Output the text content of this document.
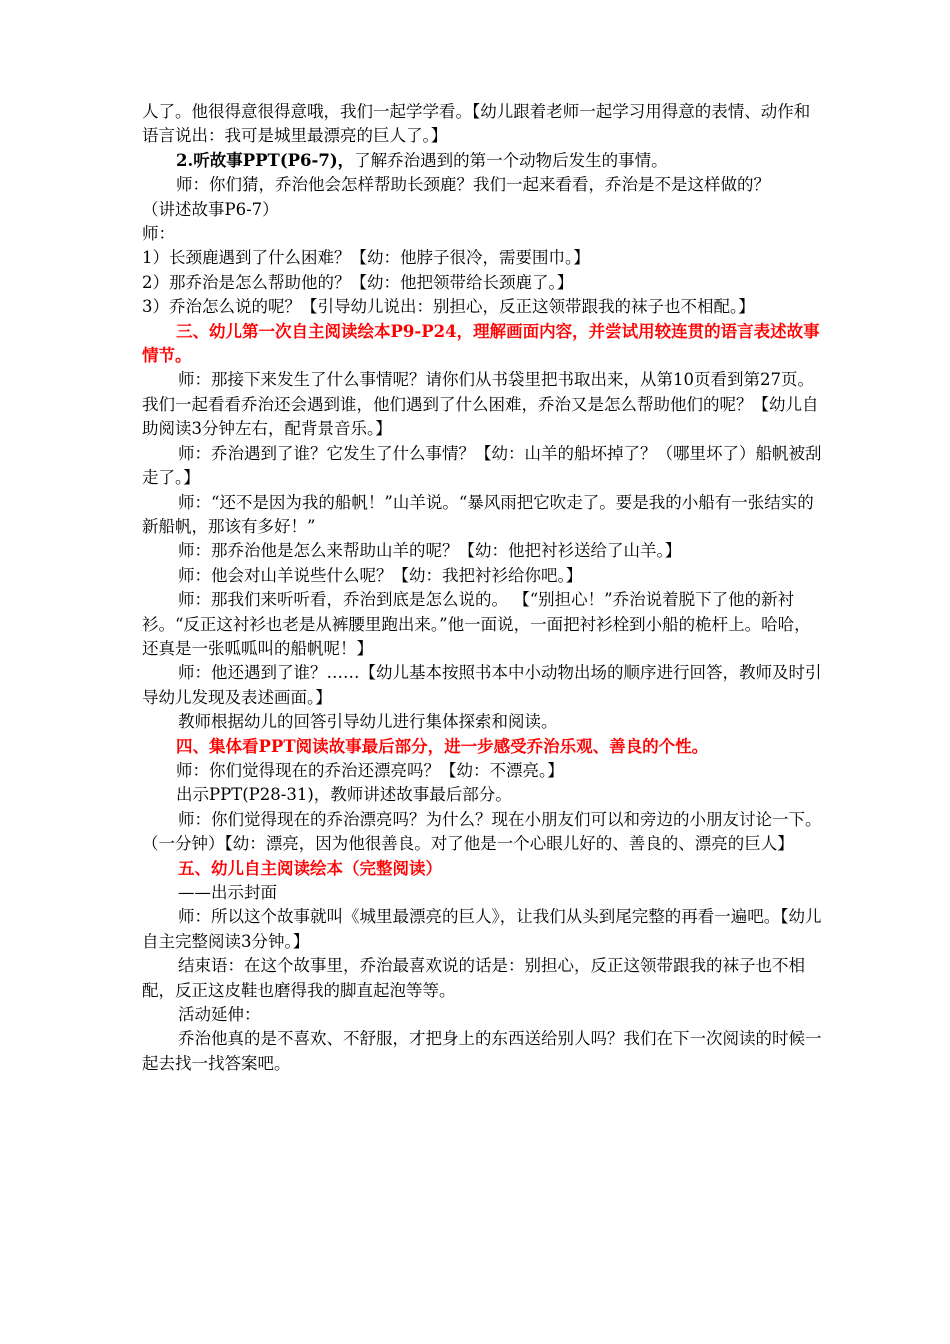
人了。他很得意很得意哦，我们一起学学看。【幼儿跟着老师一起学习用得意的表情、动作和语言说出：我可是城里最漂亮的巨人了。】

2.听故事PPT(P6-7)，了解乔治遇到的第一个动物后发生的事情。

师：你们猜，乔治他会怎样帮助长颈鹿？我们一起来看看，乔治是不是这样做的？

（讲述故事P6-7）

师：

1）长颈鹿遇到了什么困难？【幼：他脖子很冷，需要围巾。】

2）那乔治是怎么帮助他的？【幼：他把领带给长颈鹿了。】

3）乔治怎么说的呢？【引导幼儿说出：别担心，反正这领带跟我的袜子也不相配。】

三、幼儿第一次自主阅读绘本P9-P24，理解画面内容，并尝试用较连贯的语言表述故事情节。

师：那接下来发生了什么事情呢？请你们从书袋里把书取出来，从第10页看到第27页。我们一起看看乔治还会遇到谁，他们遇到了什么困难，乔治又是怎么帮助他们的呢？【幼儿自助阅读3分钟左右，配背景音乐。】

师：乔治遇到了谁？它发生了什么事情？【幼：山羊的船坏掉了？（哪里坏了）船帆被刮走了。】

师：“还不是因为我的船帆！”山羊说。“暴风雨把它吹走了。要是我的小船有一张结实的新船帆，那该有多好！”

师：那乔治他是怎么来帮助山羊的呢？【幼：他把衬衫送给了山羊。】

师：他会对山羊说些什么呢？【幼：我把衬衫给你吧。】

师：那我们来听听看，乔治到底是怎么说的。 【“别担心！”乔治说着脱下了他的新衬衫。“反正这衬衫也老是从裤腰里跑出来。”他一面说，一面把衬衫栓到小船的桅杆上。哈哈，还真是一张呱呱叫的船帆呢！】

师：他还遇到了谁？……【幼儿基本按照书本中小动物出场的顺序进行回答，教师及时引导幼儿发现及表述画面。】

教师根据幼儿的回答引导幼儿进行集体探索和阅读。

四、集体看PPT阅读故事最后部分，进一步感受乔治乐观、善良的个性。

师：你们觉得现在的乔治还漂亮吗？【幼：不漂亮。】

出示PPT(P28-31)，教师讲述故事最后部分。

师：你们觉得现在的乔治漂亮吗？为什么？现在小朋友们可以和旁边的小朋友讨论一下。（一分钟）【幼：漂亮，因为他很善良。对了他是一个心眼儿好的、善良的、漂亮的巨人】

五、幼儿自主阅读绘本（完整阅读）

——出示封面

师：所以这个故事就叫《城里最漂亮的巨人》，让我们从头到尾完整的再看一遍吧。【幼儿自主完整阅读3分钟。】

结束语：在这个故事里，乔治最喜欢说的话是：别担心，反正这领带跟我的袜子也不相配，反正这皮鞋也磨得我的脚直起泡等等。

活动延伸：

乔治他真的是不喜欢、不舒服，才把身上的东西送给别人吗？我们在下一次阅读的时候一起去找一找答案吧。
